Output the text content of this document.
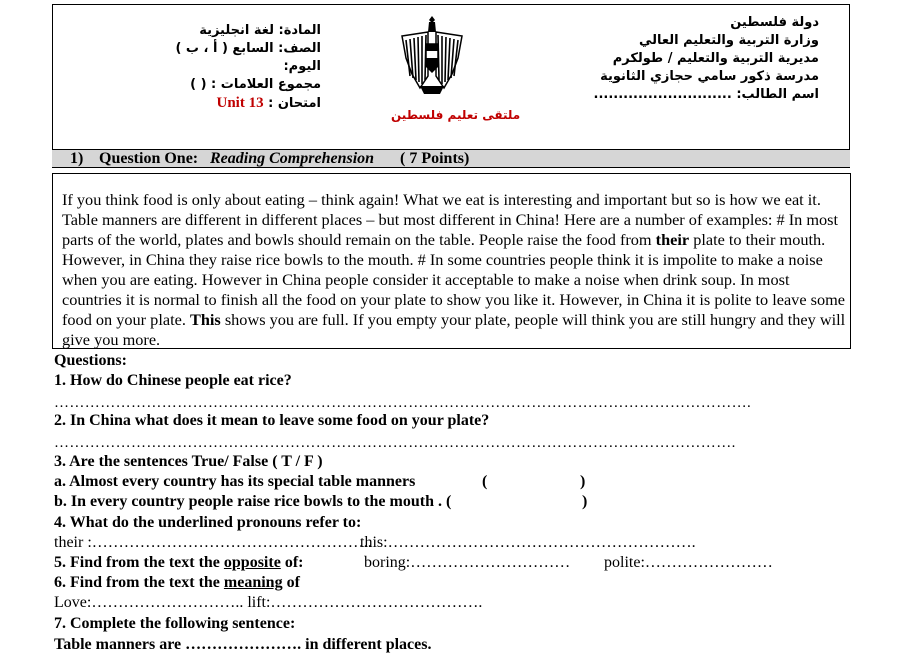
دولة فلسطين
وزارة التربية والتعليم العالي
مديرية التربية والتعليم / طولكرم
مدرسة ذكور سامي حجازي الثانوية
اسم الطالب: ............................
المادة: لغة انجليزية
الصف: السابع ( أ ، ب )
اليوم:
مجموع العلامات : ( )
امتحان : Unit 13
ملتقى تعليم فلسطين
1) Question One: Reading Comprehension ( 7 Points)
If you think food is only about eating – think again! What we eat is interesting and important but so is how we eat it. Table manners are different in different places – but most different in China! Here are a number of examples: # In most parts of the world, plates and bowls should remain on the table. People raise the food from their plate to their mouth. However, in China they raise rice bowls to the mouth. # In some countries people think it is impolite to make a noise when you are eating. However in China people consider it acceptable to make a noise when drink soup. In most countries it is normal to finish all the food on your plate to show you like it. However, in China it is polite to leave some food on your plate. This shows you are full. If you empty your plate, people will think you are still hungry and they will give you more.
Questions:
1. How do Chinese people eat rice?
……………………………………………………………………………………………………………………….
2. In China what does it mean to leave some food on your plate?
…………………………………………………………………………………………………………………….
3. Are the sentences True/ False ( T / F )
a. Almost every country has its special table manners	(	)
b. In every country people raise rice bowls to the mouth . (	)
4. What do the underlined pronouns refer to:
their :……………………………………………..
this:………………………………………………….
5. Find from the text the opposite of:	boring:………………………… polite:……………………
6. Find from the text the meaning of
Love:……………………….. lift:………………………………….
7. Complete the following sentence:
Table manners are …………………. in different places.
